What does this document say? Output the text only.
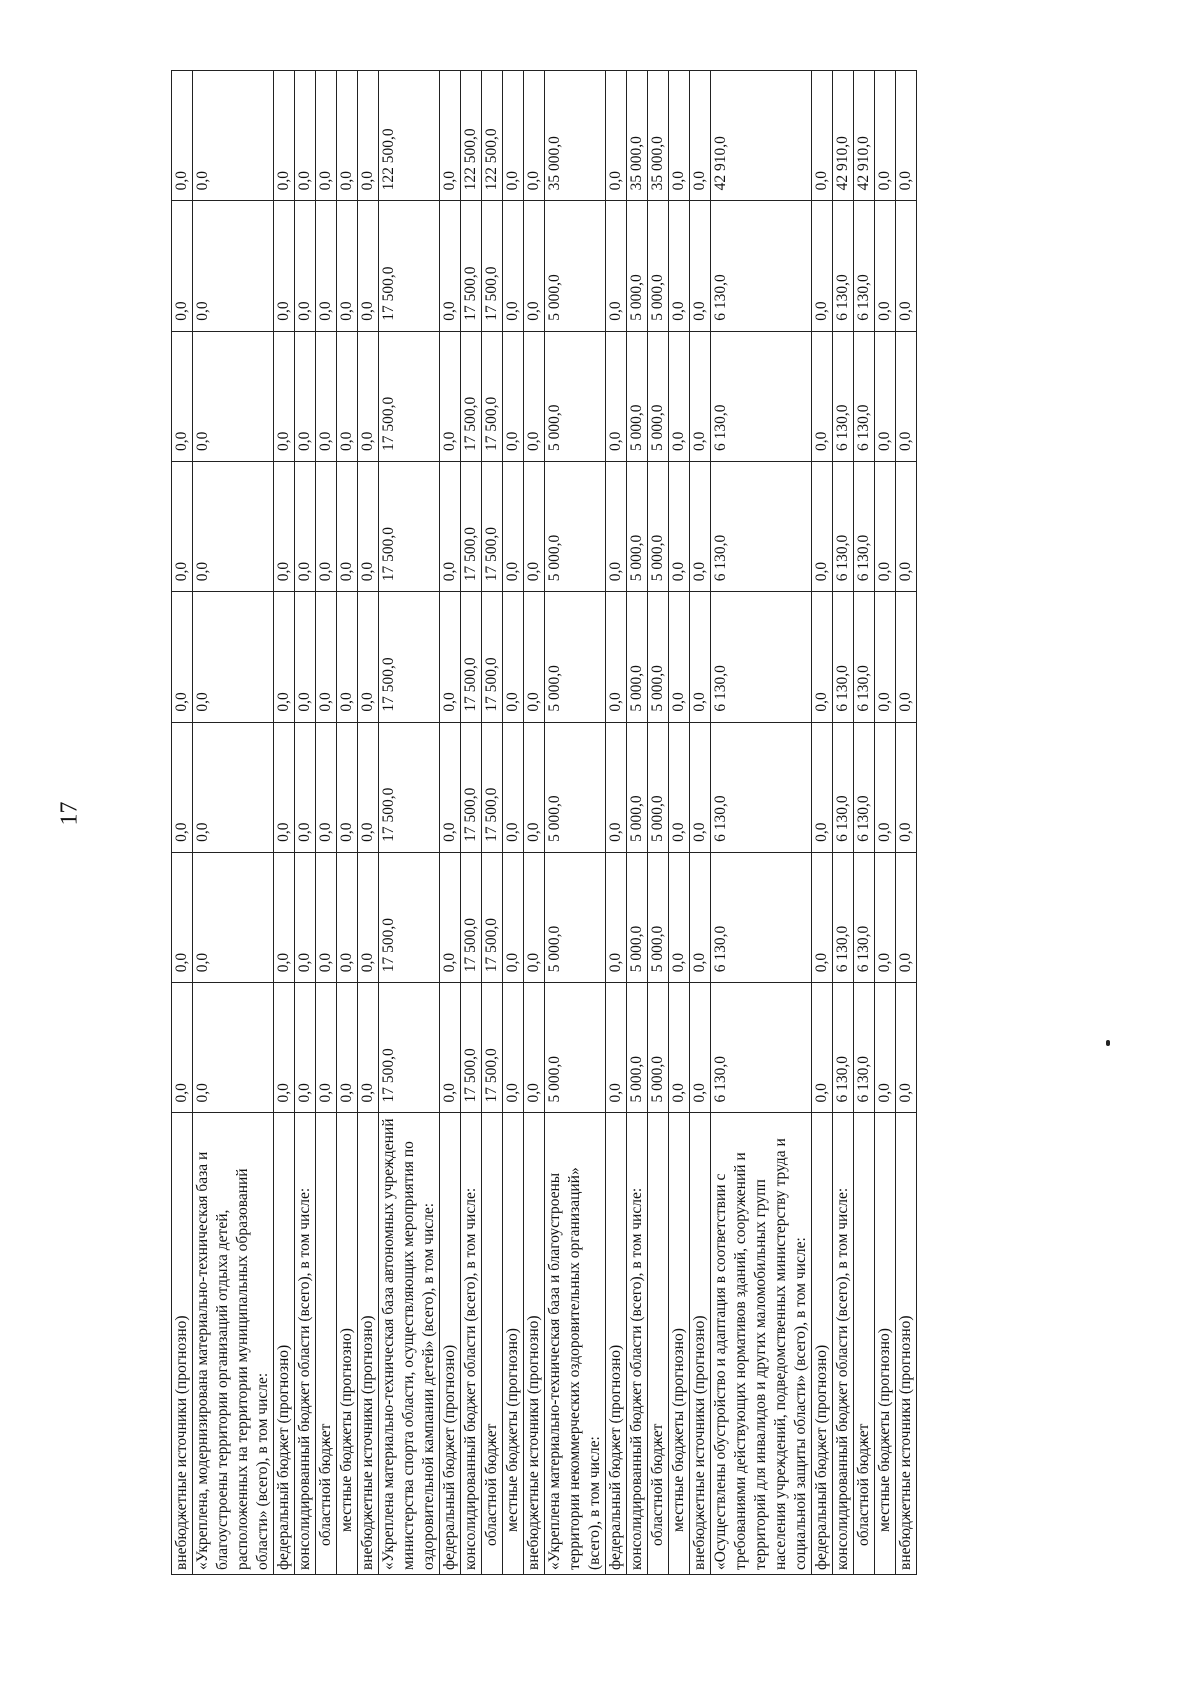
17
внебюджетные источники (прогнозно)	0,0	0,0	0,0	0,0	0,0	0,0	0,0	0,0
«Укреплена, модернизирована материально-техническая база и благоустроены территории организаций отдыха детей, расположенных на территории муниципальных образований области» (всего), в том числе:	0,0	0,0	0,0	0,0	0,0	0,0	0,0	0,0
федеральный бюджет (прогнозно)	0,0	0,0	0,0	0,0	0,0	0,0	0,0	0,0
консолидированный бюджет области (всего), в том числе:	0,0	0,0	0,0	0,0	0,0	0,0	0,0	0,0
областной бюджет	0,0	0,0	0,0	0,0	0,0	0,0	0,0	0,0
местные бюджеты (прогнозно)	0,0	0,0	0,0	0,0	0,0	0,0	0,0	0,0
внебюджетные источники (прогнозно)	0,0	0,0	0,0	0,0	0,0	0,0	0,0	0,0
«Укреплена материально-техническая база автономных учреждений министерства спорта области, осуществляющих мероприятия по оздоровительной кампании детей» (всего), в том числе:	17 500,0	17 500,0	17 500,0	17 500,0	17 500,0	17 500,0	17 500,0	122 500,0
федеральный бюджет (прогнозно)	0,0	0,0	0,0	0,0	0,0	0,0	0,0	0,0
консолидированный бюджет области (всего), в том числе:	17 500,0	17 500,0	17 500,0	17 500,0	17 500,0	17 500,0	17 500,0	122 500,0
областной бюджет	17 500,0	17 500,0	17 500,0	17 500,0	17 500,0	17 500,0	17 500,0	122 500,0
местные бюджеты (прогнозно)	0,0	0,0	0,0	0,0	0,0	0,0	0,0	0,0
внебюджетные источники (прогнозно)	0,0	0,0	0,0	0,0	0,0	0,0	0,0	0,0
«Укреплена материально-техническая база и благоустроены территории некоммерческих оздоровительных организаций» (всего), в том числе:	5 000,0	5 000,0	5 000,0	5 000,0	5 000,0	5 000,0	5 000,0	35 000,0
федеральный бюджет (прогнозно)	0,0	0,0	0,0	0,0	0,0	0,0	0,0	0,0
консолидированный бюджет области (всего), в том числе:	5 000,0	5 000,0	5 000,0	5 000,0	5 000,0	5 000,0	5 000,0	35 000,0
областной бюджет	5 000,0	5 000,0	5 000,0	5 000,0	5 000,0	5 000,0	5 000,0	35 000,0
местные бюджеты (прогнозно)	0,0	0,0	0,0	0,0	0,0	0,0	0,0	0,0
внебюджетные источники (прогнозно)	0,0	0,0	0,0	0,0	0,0	0,0	0,0	0,0
«Осуществлены обустройство и адаптация в соответствии с требованиями действующих нормативов зданий, сооружений и территорий для инвалидов и других маломобильных групп населения учреждений, подведомственных министерству труда и социальной защиты области» (всего), в том числе:	6 130,0	6 130,0	6 130,0	6 130,0	6 130,0	6 130,0	6 130,0	42 910,0
федеральный бюджет (прогнозно)	0,0	0,0	0,0	0,0	0,0	0,0	0,0	0,0
консолидированный бюджет области (всего), в том числе:	6 130,0	6 130,0	6 130,0	6 130,0	6 130,0	6 130,0	6 130,0	42 910,0
областной бюджет	6 130,0	6 130,0	6 130,0	6 130,0	6 130,0	6 130,0	6 130,0	42 910,0
местные бюджеты (прогнозно)	0,0	0,0	0,0	0,0	0,0	0,0	0,0	0,0
внебюджетные источники (прогнозно)	0,0	0,0	0,0	0,0	0,0	0,0	0,0	0,0
